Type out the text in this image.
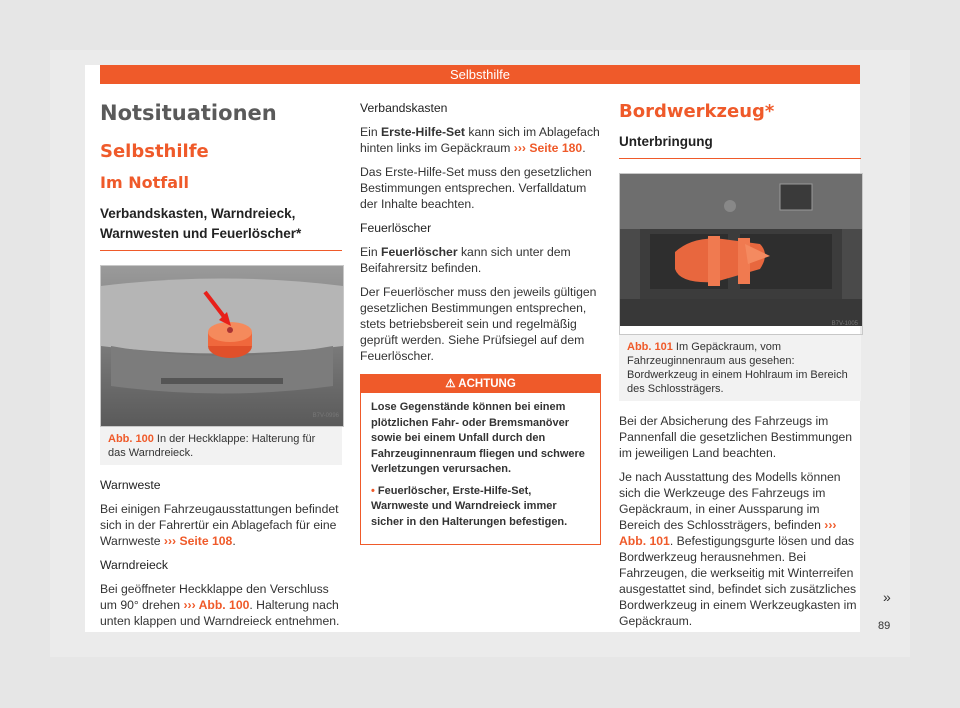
Selbsthilfe
Notsituationen
Selbsthilfe
Im Notfall
Verbandskasten, Warndreieck, Warnwesten und Feuerlöscher*
B7V-0996
Abb. 100 In der Heckklappe: Halterung für das Warndreieck.

Warnweste

Bei einigen Fahrzeugausstattungen befindet sich in der Fahrertür ein Ablagefach für eine Warnweste ››› Seite 108.

Warndreieck

Bei geöffneter Heckklappe den Verschluss um 90° drehen ››› Abb. 100. Halterung nach unten klappen und Warndreieck entnehmen.

Verbandskasten

Ein Erste-Hilfe-Set kann sich im Ablagefach hinten links im Gepäckraum ››› Seite 180.

Das Erste-Hilfe-Set muss den gesetzlichen Bestimmungen entsprechen. Verfalldatum der Inhalte beachten.

Feuerlöscher

Ein Feuerlöscher kann sich unter dem Beifahrersitz befinden.

Der Feuerlöscher muss den jeweils gültigen gesetzlichen Bestimmungen entsprechen, stets betriebsbereit sein und regelmäßig geprüft werden. Siehe Prüfsiegel auf dem Feuerlöscher.

⚠ ACHTUNG

Lose Gegenstände können bei einem plötzlichen Fahr- oder Bremsmanöver sowie bei einem Unfall durch den Fahrzeuginnenraum fliegen und schwere Verletzungen verursachen.

• Feuerlöscher, Erste-Hilfe-Set, Warnweste und Warndreieck immer sicher in den Halterungen befestigen.

Bordwerkzeug*
Unterbringung
B7V-1005
Abb. 101 Im Gepäckraum, vom Fahrzeuginnenraum aus gesehen: Bordwerkzeug in einem Hohlraum im Bereich des Schlossträgers.

Bei der Absicherung des Fahrzeugs im Pannenfall die gesetzlichen Bestimmungen im jeweiligen Land beachten.

Je nach Ausstattung des Modells können sich die Werkzeuge des Fahrzeugs im Gepäckraum, in einer Aussparung im Bereich des Schlossträgers, befinden ››› Abb. 101. Befestigungsgurte lösen und das Bordwerkzeug herausnehmen. Bei Fahrzeugen, die werkseitig mit Winterreifen ausgestattet sind, befindet sich zusätzliches Bordwerkzeug in einem Werkzeugkasten im Gepäckraum.

»
89
